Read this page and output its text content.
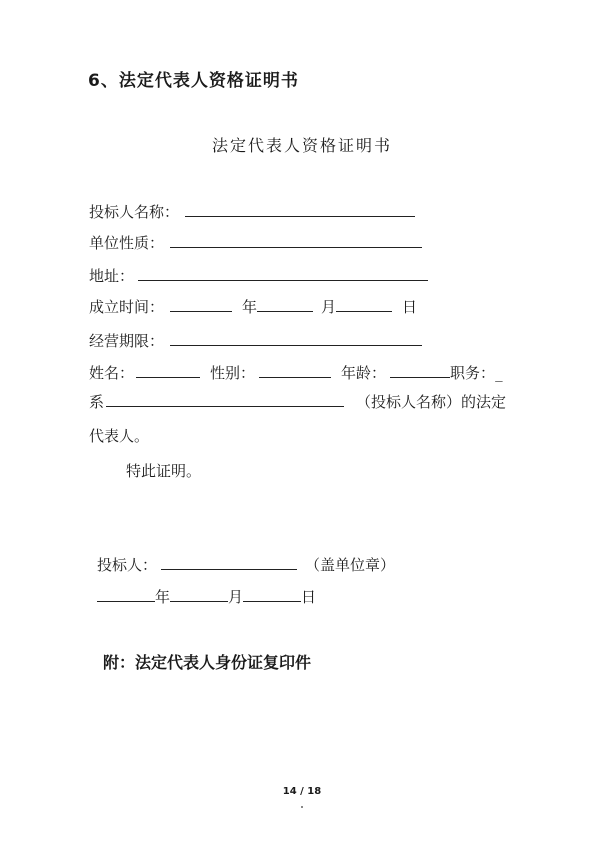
6、法定代表人资格证明书
法定代表人资格证明书
投标人名称：
单位性质：
地址：
成立时间：	年	月	日
经营期限：
姓名：	性别：	年龄：	职务：_
系	（投标人名称）的法定
代表人。
特此证明。
投标人：	（盖单位章）
年	月	日
附：法定代表人身份证复印件
14 / 18
